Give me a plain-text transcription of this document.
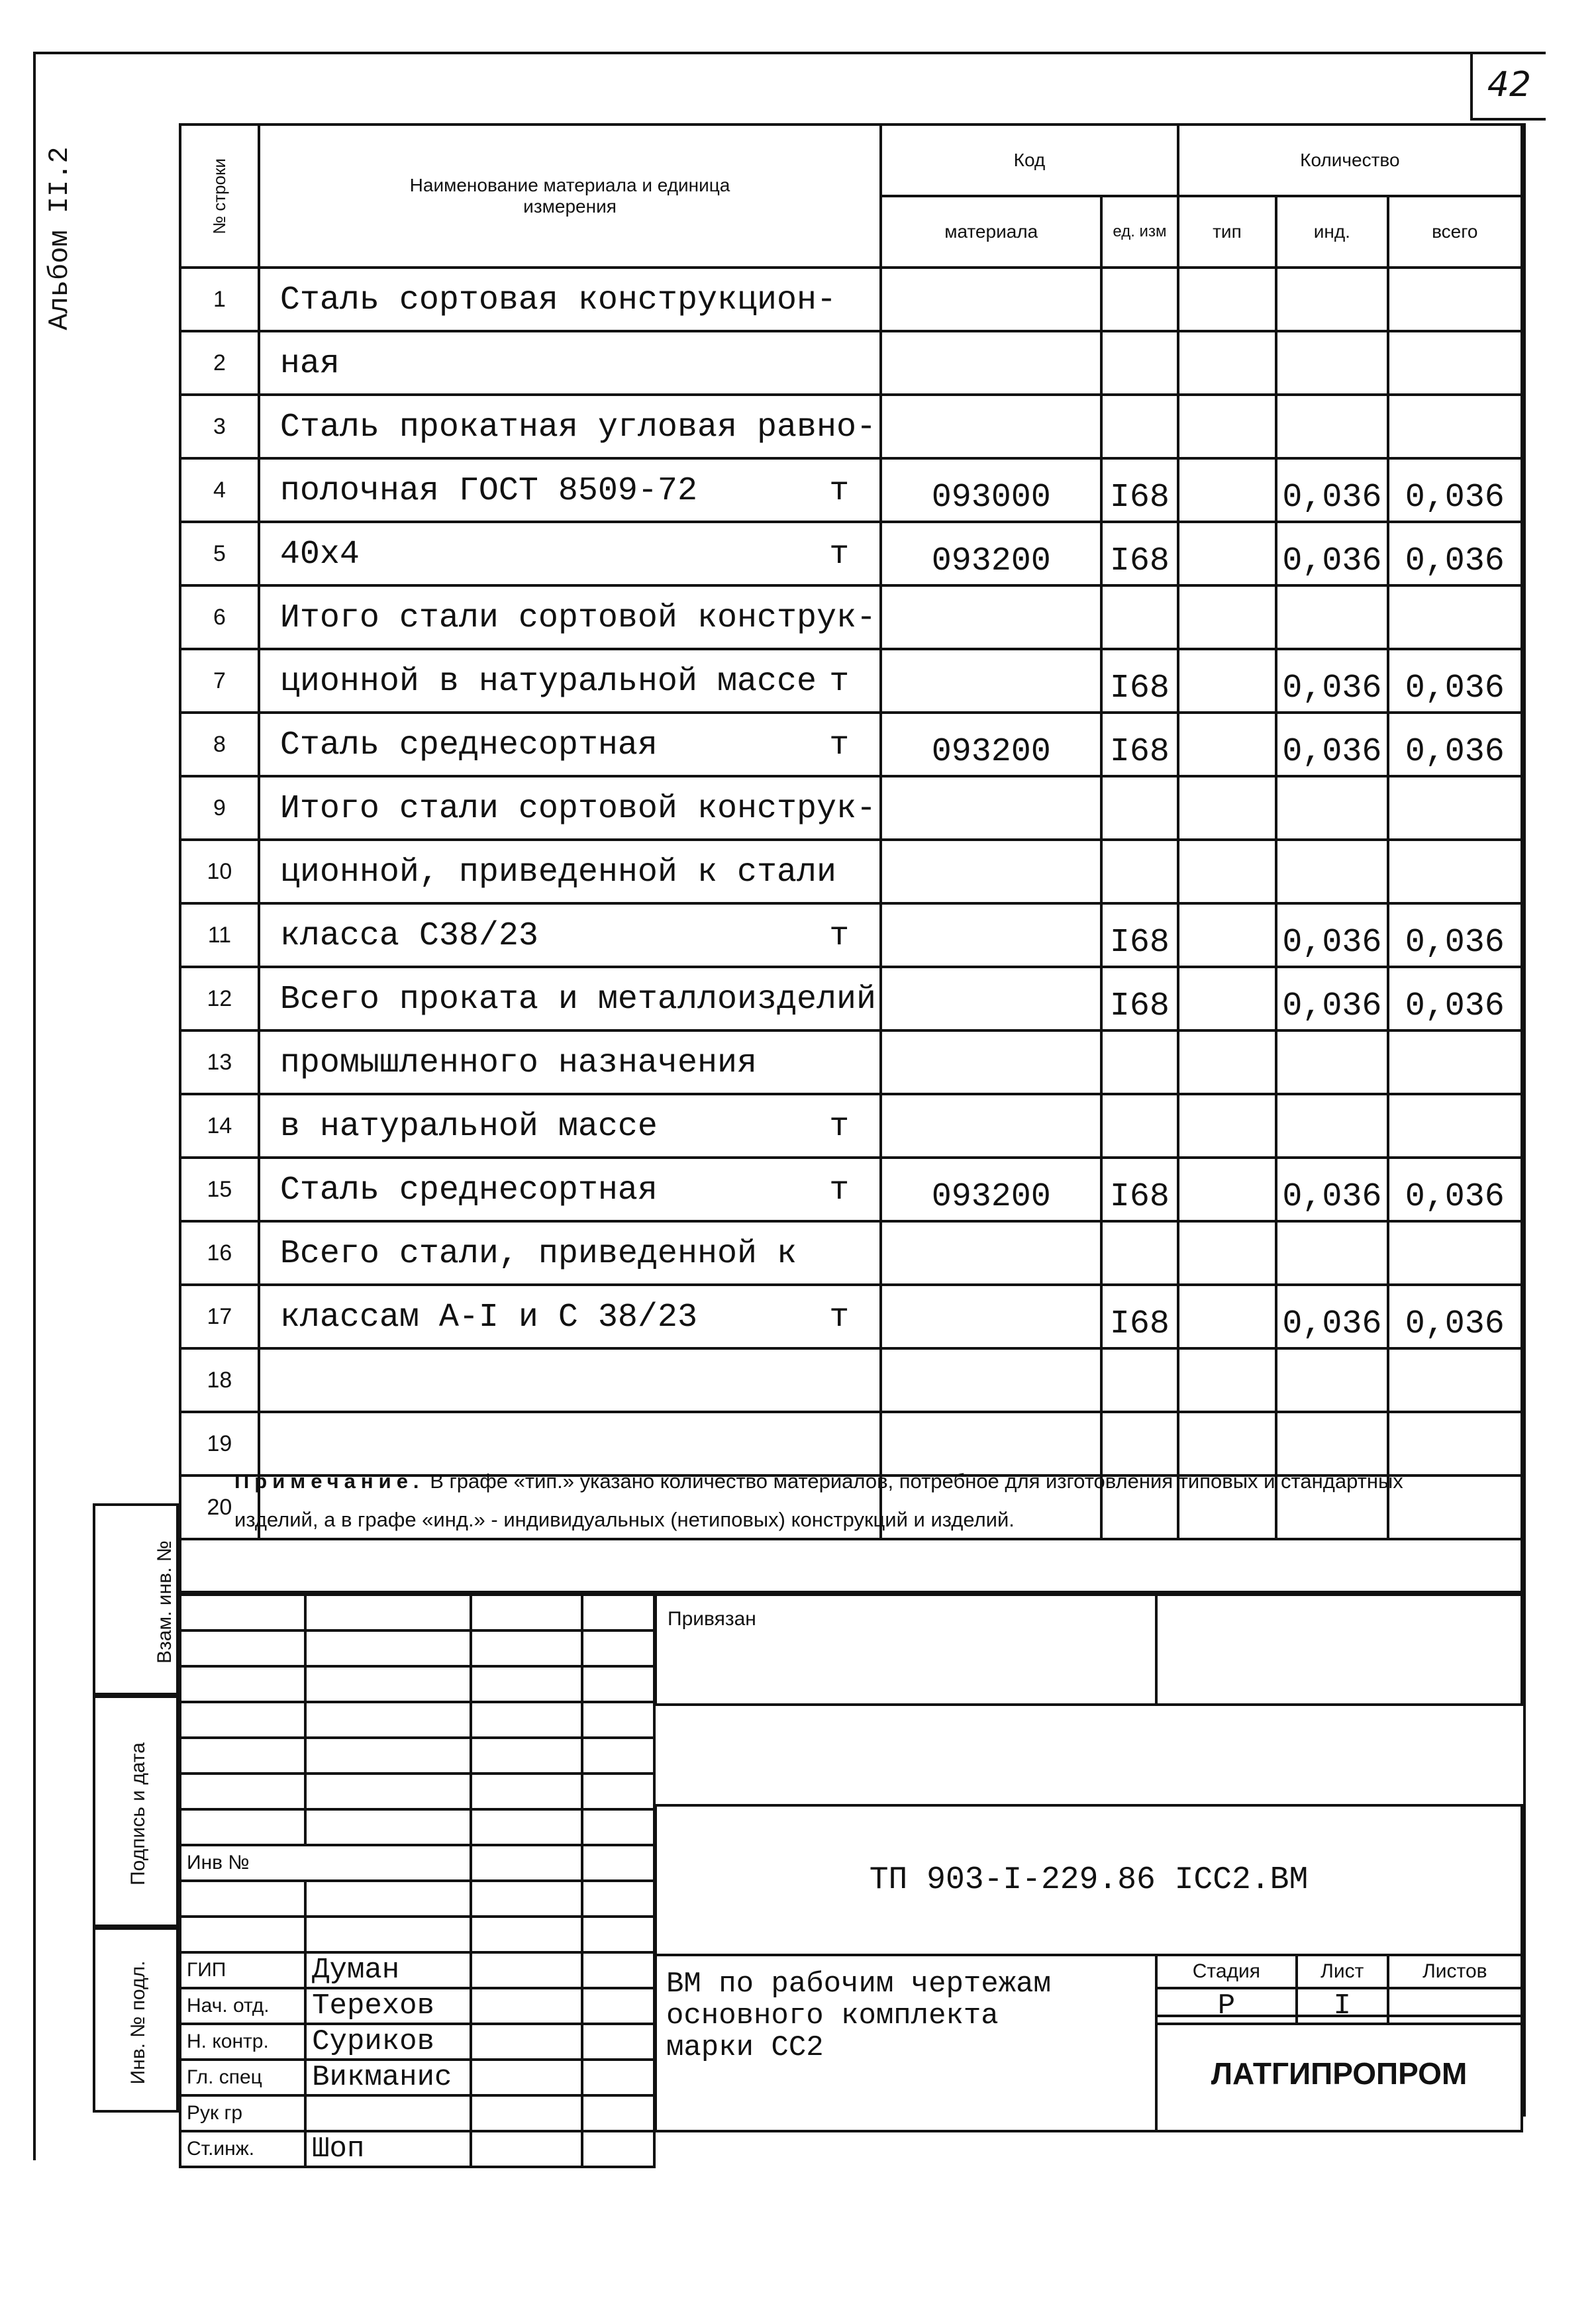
42
Альбом II.2	№ строки	Наименование материала и единица измерения	Код		Количество		
		материала	ед. изм	тип	инд.	всего
1	Сталь сортовая конструкцион-

2	ная

3	Сталь прокатная угловая равно-

4	полочная ГОСТ 8509-72 т	093000	I68		0,036	0,036
5	40х4 т	093200	I68		0,036	0,036
6	Итого стали сортовой конструк-

7	ционной в натуральной массе т		I68		0,036	0,036
8	Сталь среднесортная т	093200	I68		0,036	0,036
9	Итого стали сортовой конструк-

10	ционной, приведенной к стали

11	класса С38/23 т		I68		0,036	0,036
12	Всего проката и металлоизделий		I68		0,036	0,036
13	промышленного назначения

14	в натуральной массе т					

15	Сталь среднесортная т	093200	I68		0,036	0,036
16	Всего стали, приведенной к

17	классам А-I и С 38/23 т		I68		0,036	0,036
18	

19	

20	

Примечание. В графе «тип.» указано количество материалов, потребное для изготовления типовых и стандартных изделий, а в графе «инд.» - индивидуальных (нетиповых) конструкций и изделий.
Взам. инв. №
Подпись и дата
Инв. № подл.

Инв №			

ГИП	Думан		
Нач. отд.	Терехов		
Н. контр.	Суриков		
Гл. спец	Викманис		
Рук гр			
Ст.инж.	Шоп		
Привязан
ТП 903-I-229.86 ICC2.ВМ
ВМ по рабочим чертежам
основного комплекта
марки СС2
Стадия	Лист	Листов
Р	I	
ЛАТГИПРОПРОМ
